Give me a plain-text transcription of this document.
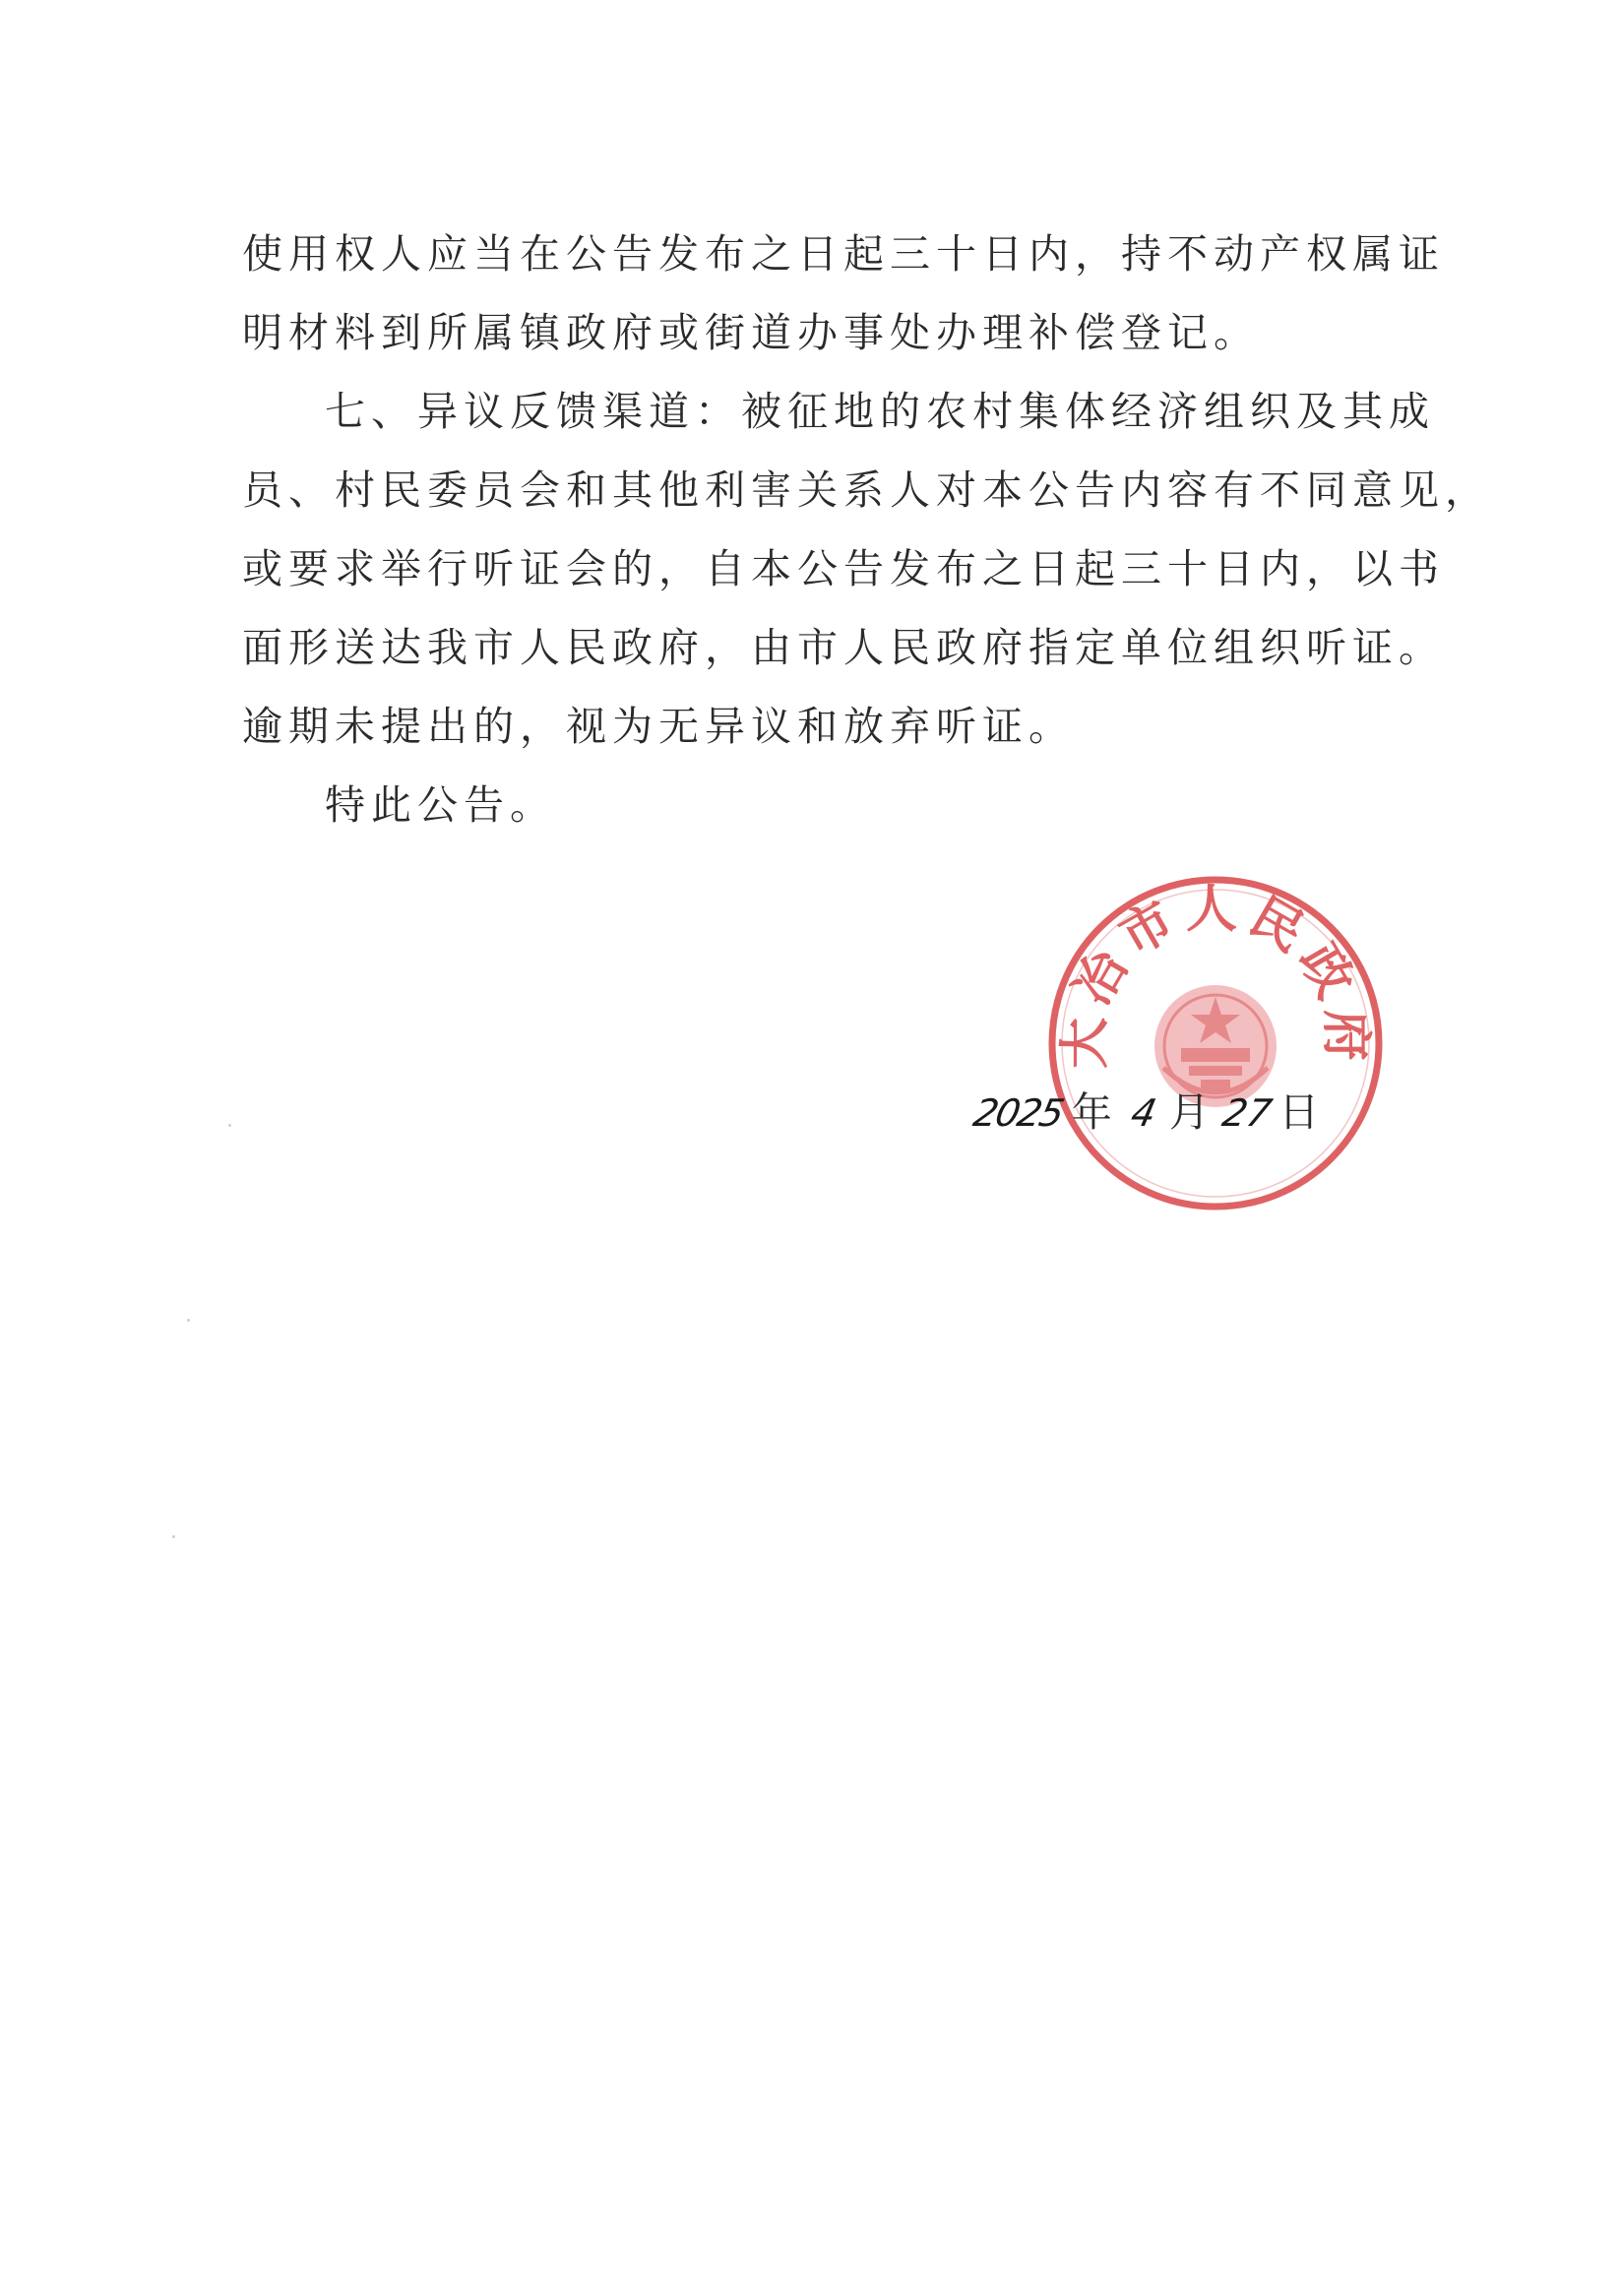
使用权人应当在公告发布之日起三十日内，持不动产权属证
明材料到所属镇政府或街道办事处办理补偿登记。
七、异议反馈渠道：被征地的农村集体经济组织及其成
员、村民委员会和其他利害关系人对本公告内容有不同意见，
或要求举行听证会的，自本公告发布之日起三十日内，以书
面形送达我市人民政府，由市人民政府指定单位组织听证。
逾期未提出的，视为无异议和放弃听证。
特此公告。
大冶市人民政府
2025 年 4 月 27日
